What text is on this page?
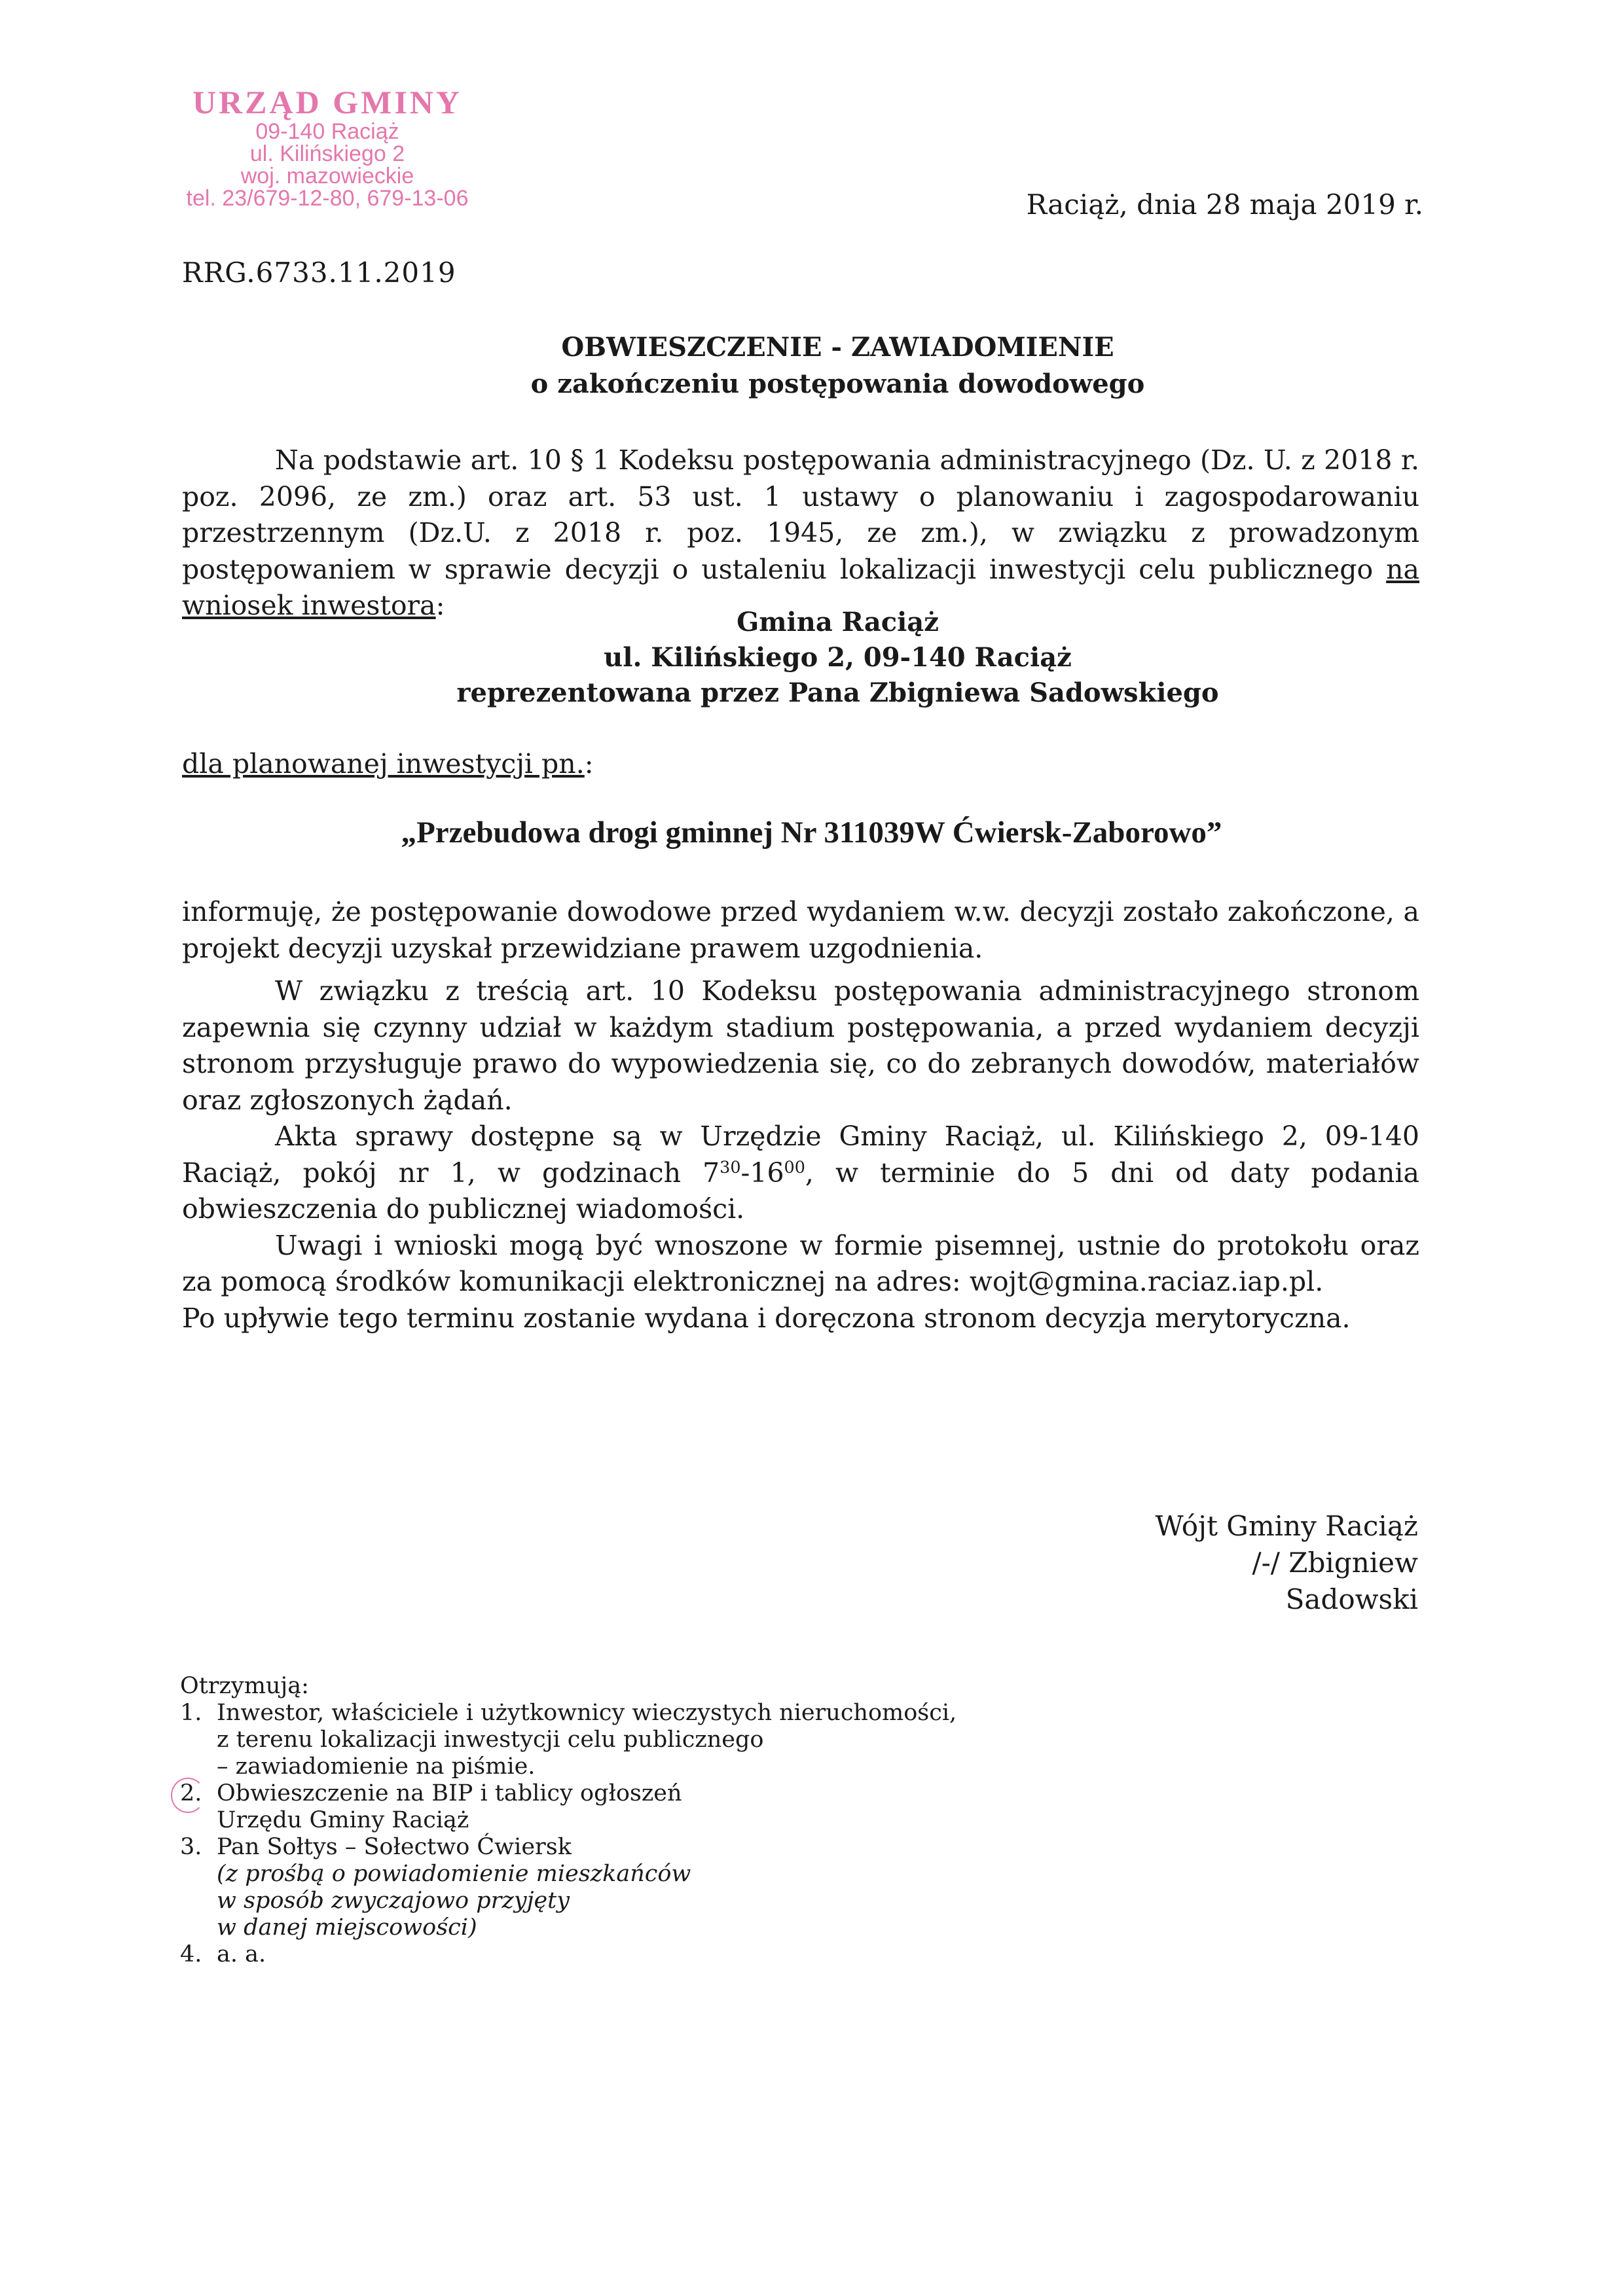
URZĄD GMINY
09-140 Raciąż
ul. Kilińskiego 2
woj. mazowieckie
tel. 23/679-12-80, 679-13-06	Raciąż, dnia 28 maja 2019 r.
RRG.6733.11.2019
OBWIESZCZENIE - ZAWIADOMIENIE
o zakończeniu postępowania dowodowego

Na podstawie art. 10 § 1 Kodeksu postępowania administracyjnego (Dz. U. z 2018 r. poz. 2096, ze zm.) oraz art. 53 ust. 1 ustawy o planowaniu i zagospodarowaniu przestrzennym (Dz.U. z 2018 r. poz. 1945, ze zm.), w związku z prowadzonym postępowaniem w sprawie decyzji o ustaleniu lokalizacji inwestycji celu publicznego na wniosek inwestora:

Gmina Raciąż
ul. Kilińskiego 2, 09-140 Raciąż
reprezentowana przez Pana Zbigniewa Sadowskiego
dla planowanej inwestycji pn.:
„Przebudowa drogi gminnej Nr 311039W Ćwiersk-Zaborowo”

informuję, że postępowanie dowodowe przed wydaniem w.w. decyzji zostało zakończone, a projekt decyzji uzyskał przewidziane prawem uzgodnienia.

W związku z treścią art. 10 Kodeksu postępowania administracyjnego stronom zapewnia się czynny udział w każdym stadium postępowania, a przed wydaniem decyzji stronom przysługuje prawo do wypowiedzenia się, co do zebranych dowodów, materiałów oraz zgłoszonych żądań.

Akta sprawy dostępne są w Urzędzie Gminy Raciąż, ul. Kilińskiego 2, 09-140 Raciąż, pokój nr 1, w godzinach $7^{30}-16^{00}$, w terminie do 5 dni od daty podania obwieszczenia do publicznej wiadomości.

Uwagi i wnioski mogą być wnoszone w formie pisemnej, ustnie do protokołu oraz za pomocą środków komunikacji elektronicznej na adres: wojt@gmina.raciaz.iap.pl.

Po upływie tego terminu zostanie wydana i doręczona stronom decyzja merytoryczna.

Wójt Gminy Raciąż
/-/ Zbigniew
Sadowski
Otrzymują:
1. Inwestor, właściciele i użytkownicy wieczystych nieruchomości,
z terenu lokalizacji inwestycji celu publicznego
– zawiadomienie na piśmie.
2. Obwieszczenie na BIP i tablicy ogłoszeń
Urzędu Gminy Raciąż
3. Pan Sołtys – Sołectwo Ćwiersk
(z prośbą o powiadomienie mieszkańców
w sposób zwyczajowo przyjęty
w danej miejscowości)
4. a. a.
